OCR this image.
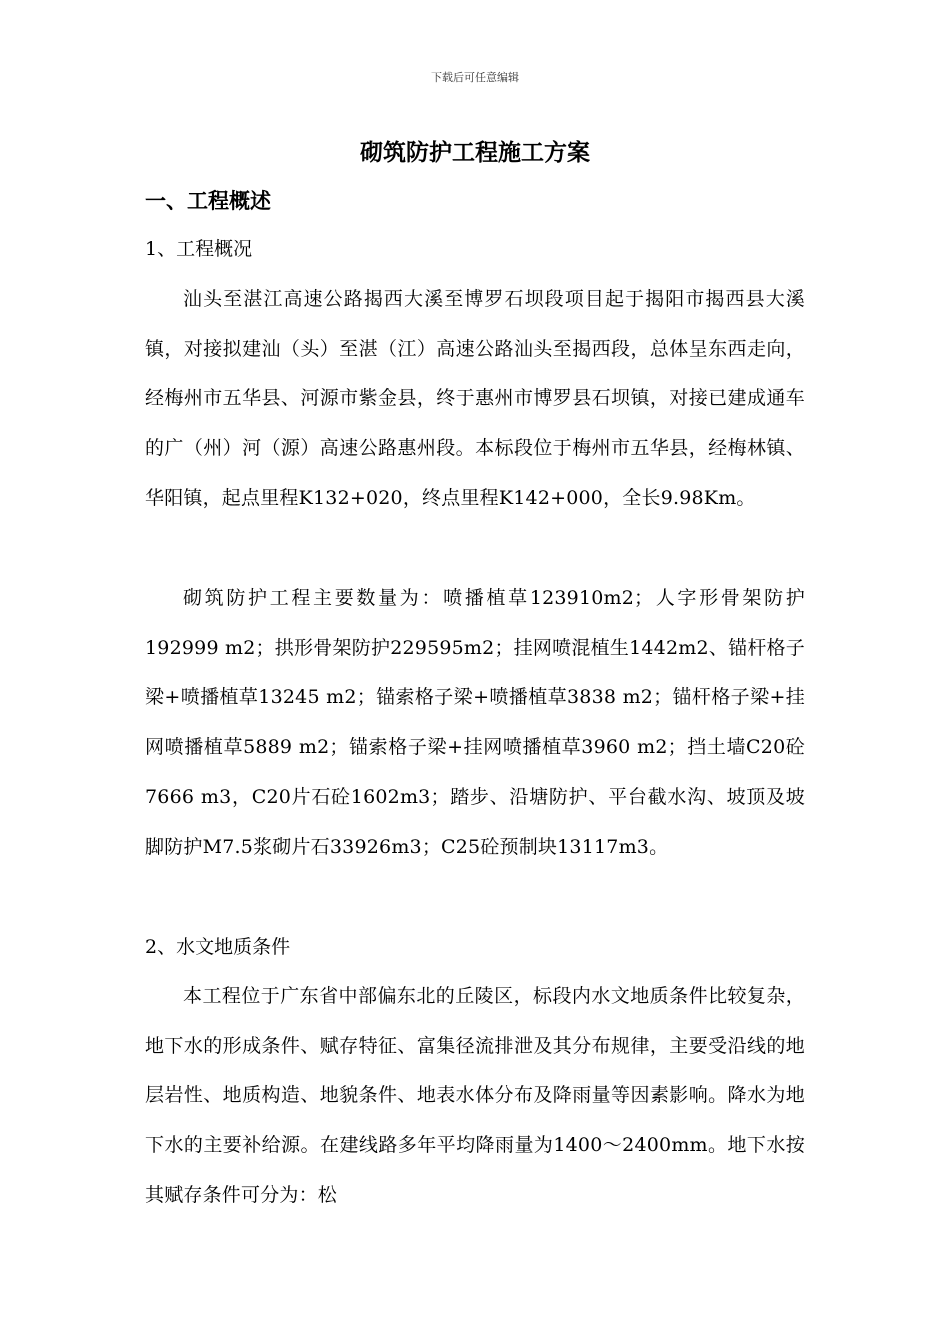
下载后可任意编辑
砌筑防护工程施工方案
一、工程概述
1、工程概况

汕头至湛江高速公路揭西大溪至博罗石坝段项目起于揭阳市揭西县大溪镇，对接拟建汕（头）至湛（江）高速公路汕头至揭西段，总体呈东西走向，经梅州市五华县、河源市紫金县，终于惠州市博罗县石坝镇，对接已建成通车的广（州）河（源）高速公路惠州段。本标段位于梅州市五华县，经梅林镇、华阳镇，起点里程K132+020，终点里程K142+000，全长9.98Km。

砌筑防护工程主要数量为：喷播植草123910m2；人字形骨架防护192999 m2；拱形骨架防护229595m2；挂网喷混植生1442m2、锚杆格子梁+喷播植草13245 m2；锚索格子梁+喷播植草3838 m2；锚杆格子梁+挂网喷播植草5889 m2；锚索格子梁+挂网喷播植草3960 m2；挡土墙C20砼7666 m3，C20片石砼1602m3；踏步、沿塘防护、平台截水沟、坡顶及坡脚防护M7.5浆砌片石33926m3；C25砼预制块13117m3。

2、水文地质条件

本工程位于广东省中部偏东北的丘陵区，标段内水文地质条件比较复杂，地下水的形成条件、赋存特征、富集径流排泄及其分布规律，主要受沿线的地层岩性、地质构造、地貌条件、地表水体分布及降雨量等因素影响。降水为地下水的主要补给源。在建线路多年平均降雨量为1400～2400mm。地下水按其赋存条件可分为：松
